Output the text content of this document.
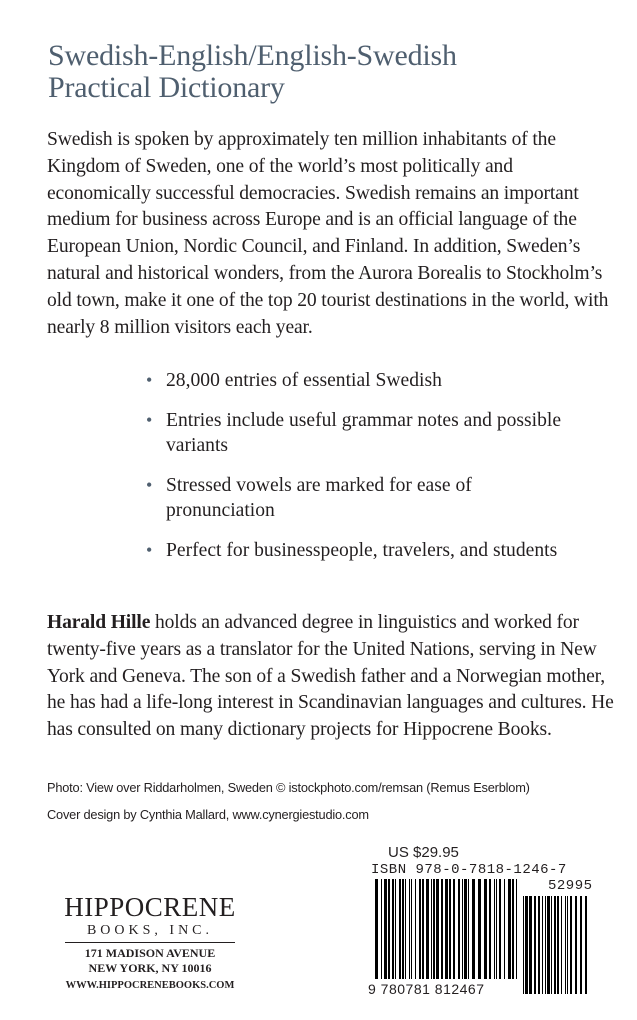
Swedish-English/English-Swedish
Practical Dictionary

Swedish is spoken by approximately ten million inhabitants of the Kingdom of Sweden, one of the world’s most politically and economically successful democracies. Swedish remains an important medium for business across Europe and is an official language of the European Union, Nordic Council, and Finland. In addition, Sweden’s natural and historical wonders, from the Aurora Borealis to Stockholm’s old town, make it one of the top 20 tourist destinations in the world, with nearly 8 million visitors each year.

• 28,000 entries of essential Swedish
• Entries include useful grammar notes and possible variants
• Stressed vowels are marked for ease of pronunciation
• Perfect for businesspeople, travelers, and students

Harald Hille holds an advanced degree in linguistics and worked for twenty-five years as a translator for the United Nations, serving in New York and Geneva. The son of a Swedish father and a Norwegian mother, he has had a life-long interest in Scandinavian languages and cultures. He has consulted on many dictionary projects for Hippocrene Books.

Photo: View over Riddarholmen, Sweden © istockphoto.com/remsan (Remus Eserblom)
Cover design by Cynthia Mallard, www.cynergiestudio.com
HIPPOCRENE
BOOKS, INC.
171 MADISON AVENUE
NEW YORK, NY 10016
WWW.HIPPOCRENEBOOKS.COM
US $29.95
ISBN 978-0-7818-1246-7
52995
9 780781 812467
